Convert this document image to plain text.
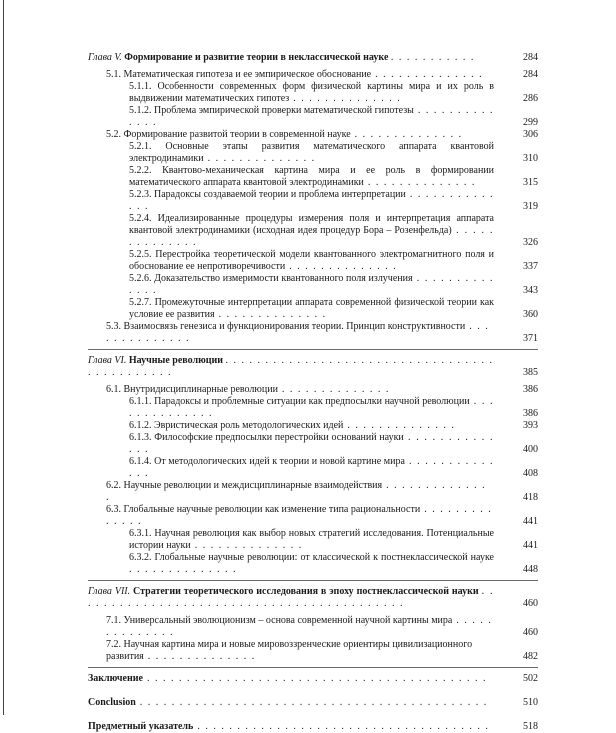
Глава V. Формирование и развитие теории в неклассической науке . . . . . . . . . . .	284
5.1. Математическая гипотеза и ее эмпирическое обоснование . . . . . . . . . . . . . .	284
5.1.1. Особенности современных форм физической картины мира и их роль в выдвижении математических гипотез . . . . . . . . . . . . . .	286
5.1.2. Проблема эмпирической проверки математической гипотезы . . . . . . . . . . . . . .	299
5.2. Формирование развитой теории в современной науке . . . . . . . . . . . . . .	306
5.2.1. Основные этапы развития математического аппарата квантовой электродинамики . . . . . . . . . . . . . .	310
5.2.2. Квантово-механическая картина мира и ее роль в формировании математического аппарата квантовой электродинамики . . . . . . . . . . . . . .	315
5.2.3. Парадоксы создаваемой теории и проблема интерпретации . . . . . . . . . . . . . .	319
5.2.4. Идеализированные процедуры измерения поля и интерпретация аппарата квантовой электродинамики (исходная идея процедур Бора – Розенфельда) . . . . . . . . . . . . . .	326
5.2.5. Перестройка теоретической модели квантованного электромагнитного поля и обоснование ее непротиворечивости . . . . . . . . . . . . . .	337
5.2.6. Доказательство измеримости квантованного поля излучения . . . . . . . . . . . . . .	343
5.2.7. Промежуточные интерпретации аппарата современной физической теории как условие ее развития . . . . . . . . . . . . . .	360
5.3. Взаимосвязь генезиса и функционирования теории. Принцип конструктивности . . . . . . . . . . . . . .	371
Глава VI. Научные революции . . . . . . . . . . . . . . . . . . . . . . . . . . . . . . . . . . . . . . . . . . . . .	385
6.1. Внутридисциплинарные революции . . . . . . . . . . . . . .	386
6.1.1. Парадоксы и проблемные ситуации как предпосылки научной революции . . . . . . . . . . . . . .	386
6.1.2. Эвристическая роль методологических идей . . . . . . . . . . . . . .	393
6.1.3. Философские предпосылки перестройки оснований науки . . . . . . . . . . . . . .	400
6.1.4. От методологических идей к теории и новой картине мира . . . . . . . . . . . . . .	408
6.2. Научные революции и междисциплинарные взаимодействия . . . . . . . . . . . . . .	418
6.3. Глобальные научные революции как изменение типа рациональности . . . . . . . . . . . . . .	441
6.3.1. Научная революция как выбор новых стратегий исследования. Потенциальные истории науки . . . . . . . . . . . . . .	441
6.3.2. Глобальные научные революции: от классической к постнеклассической науке . . . . . . . . . . . . . .	448
Глава VII. Стратегии теоретического исследования в эпоху постнеклассической науки . . . . . . . . . . . . . . . . . . . . . . . . . . . . . . . . . . . . . . . . . .	460
7.1. Универсальный эволюционизм – основа современной научной картины мира . . . . . . . . . . . . . .	460
7.2. Научная картина мира и новые мировоззренческие ориентиры цивилизационного развития . . . . . . . . . . . . . .	482
Заключение . . . . . . . . . . . . . . . . . . . . . . . . . . . . . . . . . . . . . . . . . . .	502
Conclusion . . . . . . . . . . . . . . . . . . . . . . . . . . . . . . . . . . . . . . . . . . . .	510
Предметный указатель . . . . . . . . . . . . . . . . . . . . . . . . . . . . . . . . . . . . .	518
